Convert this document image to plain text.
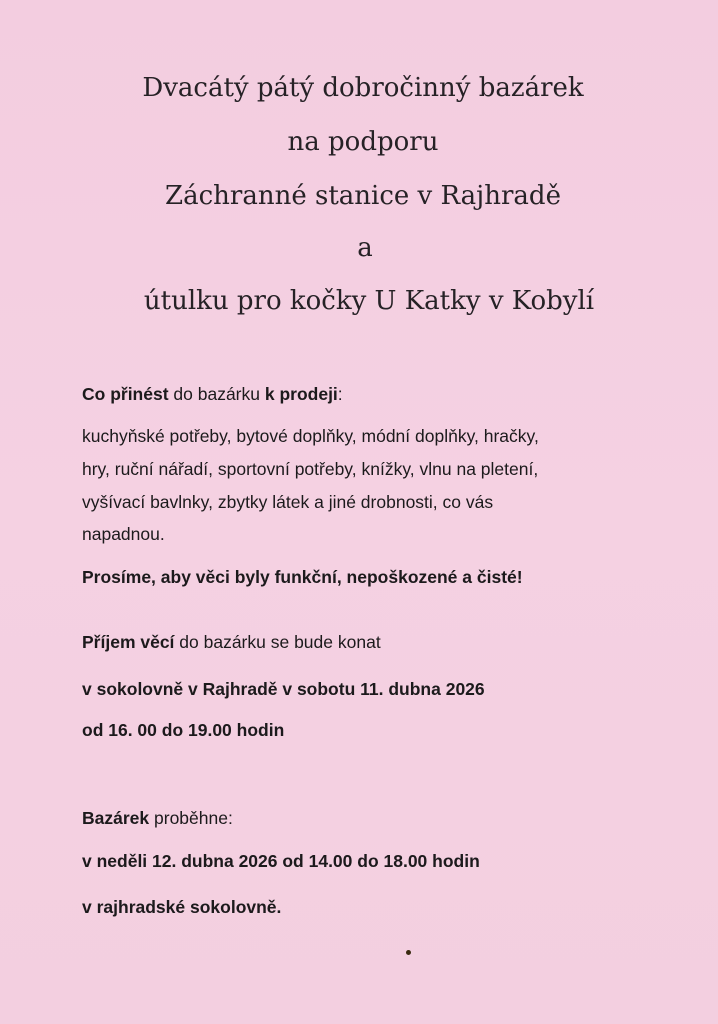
Dvacátý pátý dobročinný bazárek
na podporu
Záchranné stanice v Rajhradě
a
útulku pro kočky U Katky v Kobylí
Co přinést do bazárku k prodeji:
kuchyňské potřeby, bytové doplňky, módní doplňky, hračky,
hry, ruční nářadí, sportovní potřeby, knížky, vlnu na pletení,
vyšívací bavlnky, zbytky látek a jiné drobnosti, co vás
napadnou.
Prosíme, aby věci byly funkční, nepoškozené a čisté!
Příjem věcí do bazárku se bude konat
v sokolovně v Rajhradě v sobotu 11. dubna 2026
od 16. 00 do 19.00 hodin
Bazárek proběhne:
v neděli 12. dubna 2026 od 14.00 do 18.00 hodin
v rajhradské sokolovně.
